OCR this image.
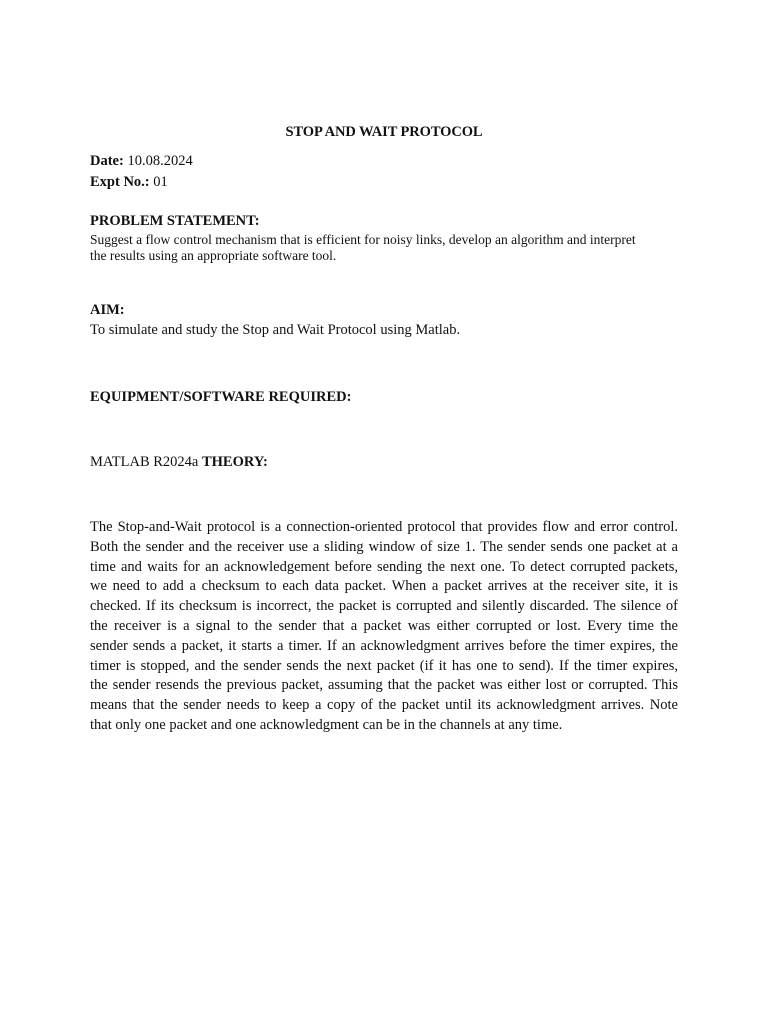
STOP AND WAIT PROTOCOL
Date: 10.08.2024
Expt No.: 01
PROBLEM STATEMENT:
Suggest a flow control mechanism that is efficient for noisy links, develop an algorithm and interpret
the results using an appropriate software tool.
AIM:
To simulate and study the Stop and Wait Protocol using Matlab.
EQUIPMENT/SOFTWARE REQUIRED:
MATLAB R2024a THEORY:
The Stop-and-Wait protocol is a connection-oriented protocol that provides flow and error control.
Both the sender and the receiver use a sliding window of size 1. The sender sends one packet at a
time and waits for an acknowledgement before sending the next one. To detect corrupted packets,
we need to add a checksum to each data packet. When a packet arrives at the receiver site, it is
checked. If its checksum is incorrect, the packet is corrupted and silently discarded. The silence of
the receiver is a signal to the sender that a packet was either corrupted or lost. Every time the
sender sends a packet, it starts a timer. If an acknowledgment arrives before the timer expires, the
timer is stopped, and the sender sends the next packet (if it has one to send). If the timer expires,
the sender resends the previous packet, assuming that the packet was either lost or corrupted. This
means that the sender needs to keep a copy of the packet until its acknowledgment arrives. Note
that only one packet and one acknowledgment can be in the channels at any time.
